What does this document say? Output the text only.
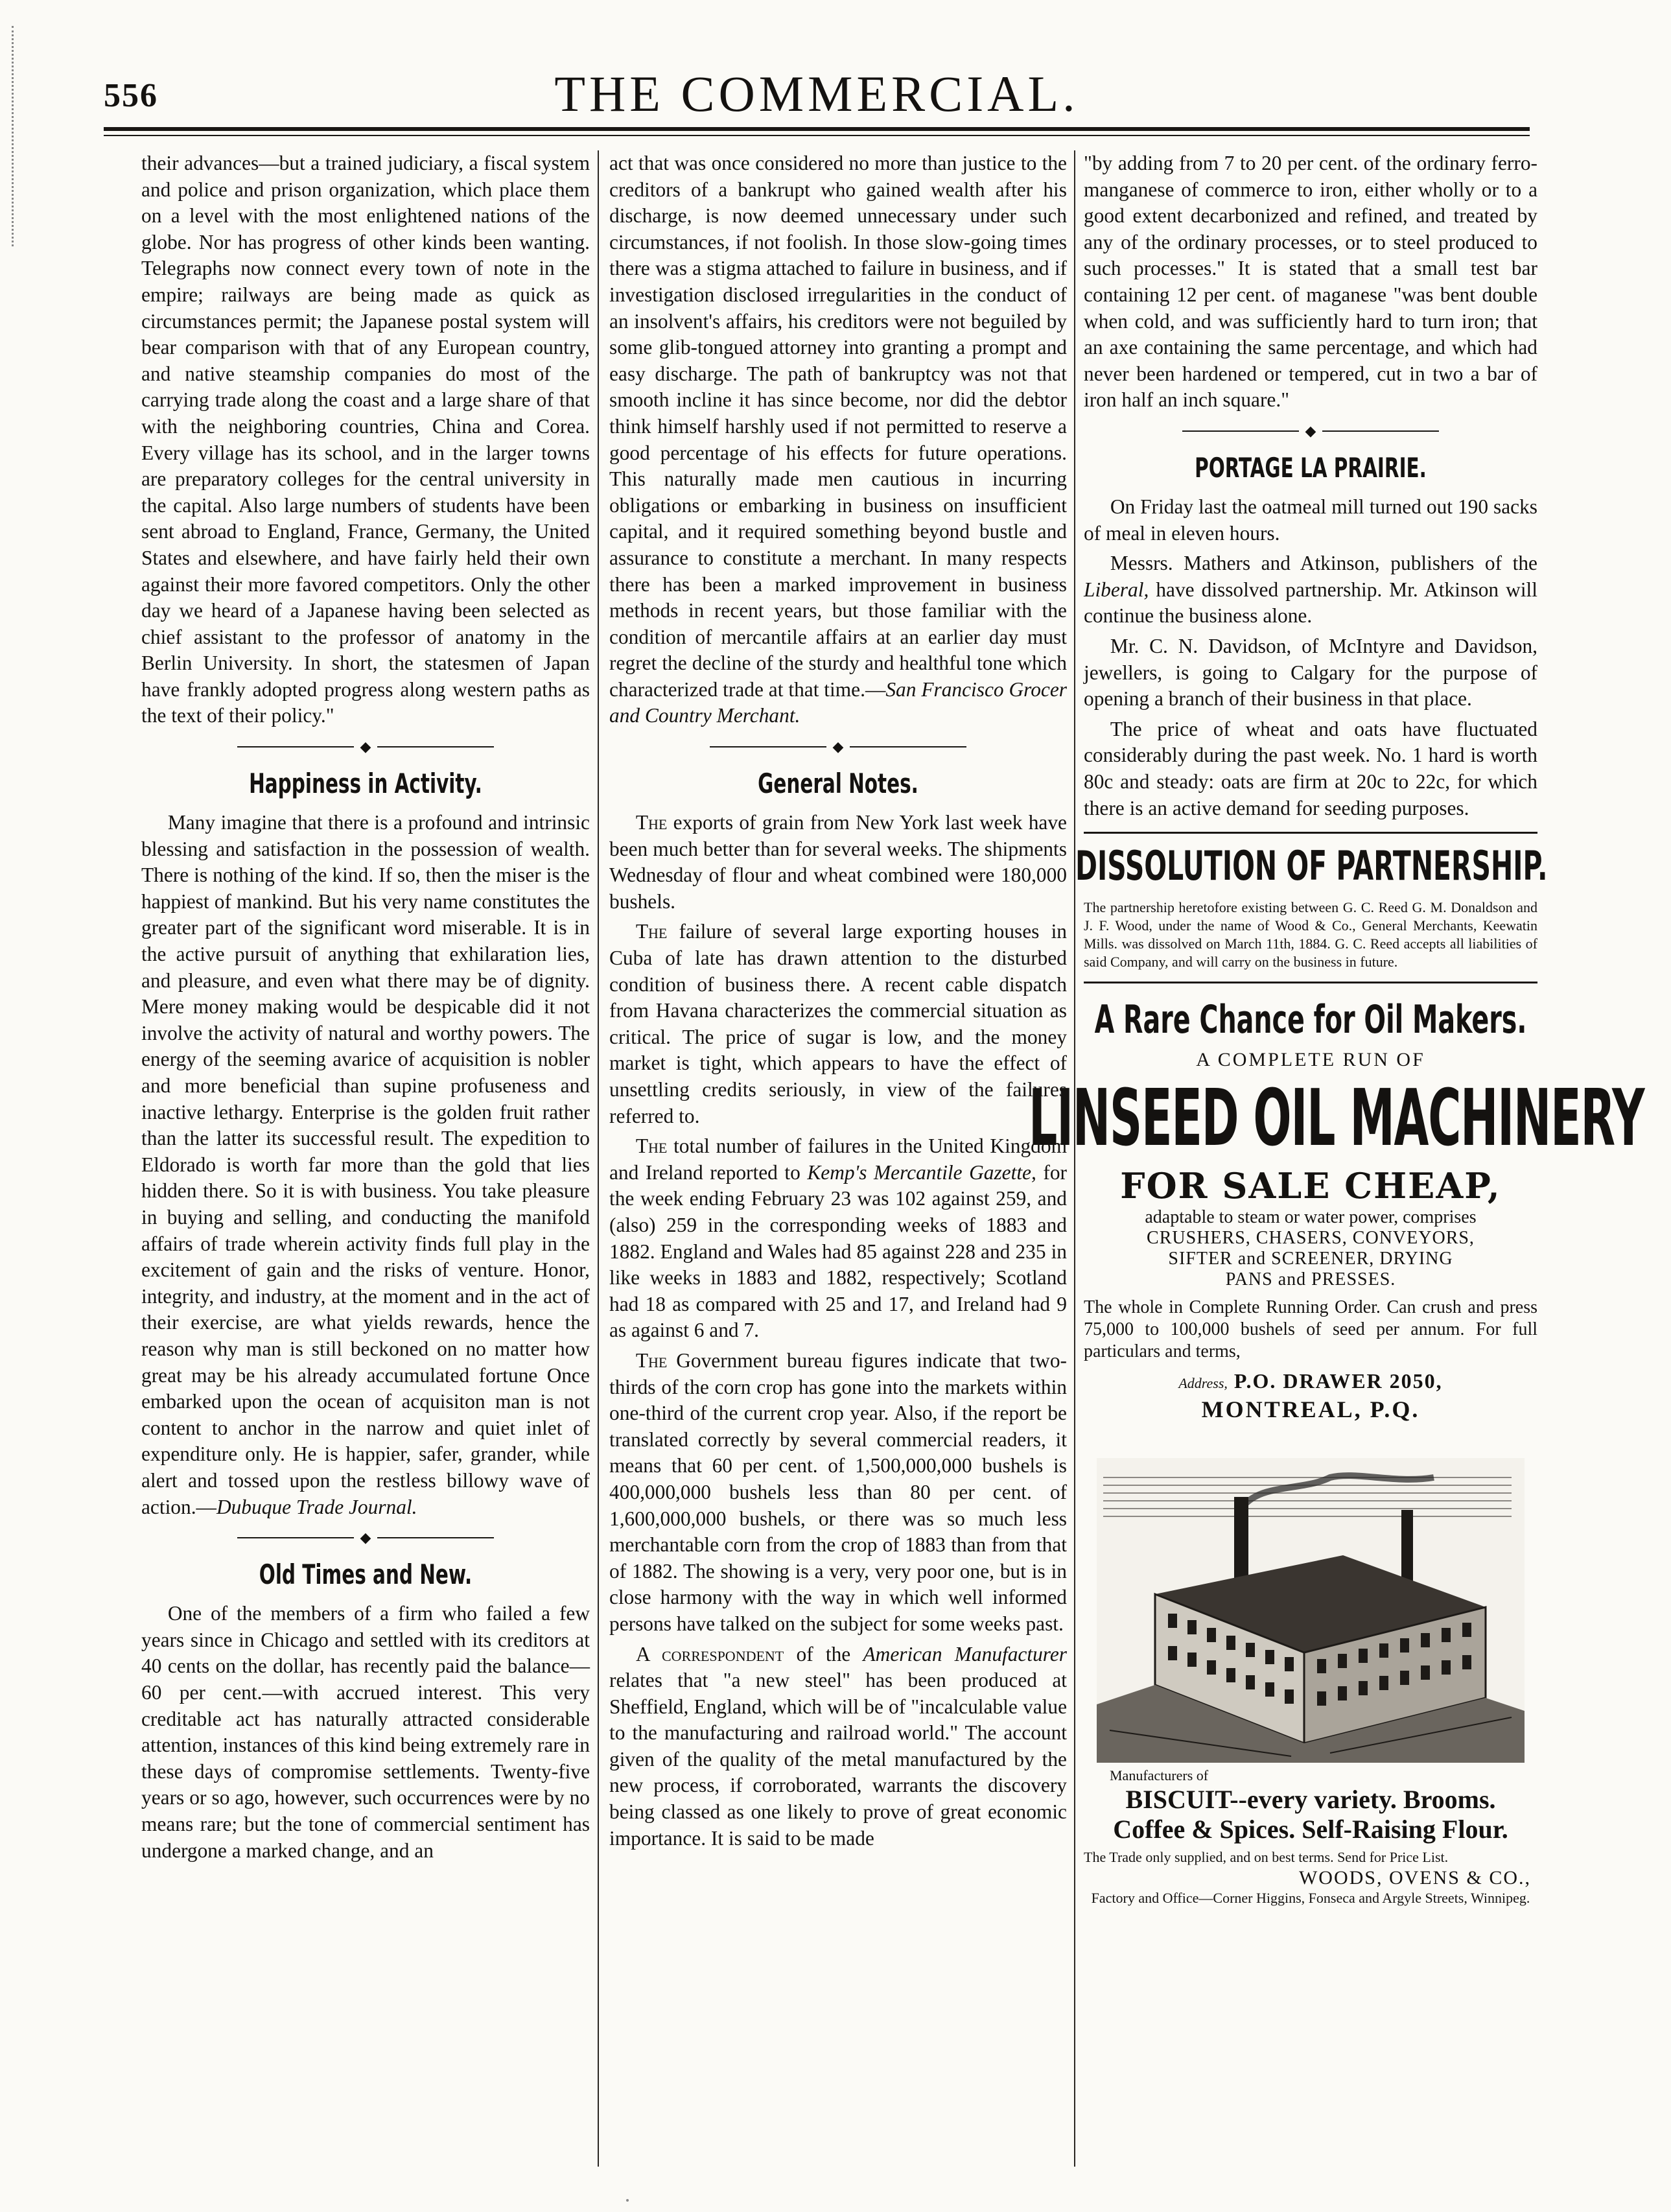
556	THE COMMERCIAL.

their advances—but a trained judiciary, a fiscal system and police and prison organization, which place them on a level with the most enlightened nations of the globe. Nor has progress of other kinds been wanting. Telegraphs now connect every town of note in the empire; railways are being made as quick as circumstances permit; the Japanese postal system will bear comparison with that of any European country, and native steamship companies do most of the carrying trade along the coast and a large share of that with the neighboring countries, China and Corea. Every village has its school, and in the larger towns are preparatory colleges for the central university in the capital. Also large numbers of students have been sent abroad to England, France, Germany, the United States and elsewhere, and have fairly held their own against their more favored competitors. Only the other day we heard of a Japanese having been selected as chief assistant to the professor of anatomy in the Berlin University. In short, the statesmen of Japan have frankly adopted progress along western paths as the text of their policy."

◆
Happiness in Activity.

Many imagine that there is a profound and intrinsic blessing and satisfaction in the possession of wealth. There is nothing of the kind. If so, then the miser is the happiest of mankind. But his very name constitutes the greater part of the significant word miserable. It is in the active pursuit of anything that exhilaration lies, and pleasure, and even what there may be of dignity. Mere money making would be despicable did it not involve the activity of natural and worthy powers. The energy of the seeming avarice of acquisition is nobler and more beneficial than supine profuseness and inactive lethargy. Enterprise is the golden fruit rather than the latter its successful result. The expedition to Eldorado is worth far more than the gold that lies hidden there. So it is with business. You take pleasure in buying and selling, and conducting the manifold affairs of trade wherein activity finds full play in the excitement of gain and the risks of venture. Honor, integrity, and industry, at the moment and in the act of their exercise, are what yields rewards, hence the reason why man is still beckoned on no matter how great may be his already accumulated fortune Once embarked upon the ocean of acquisiton man is not content to anchor in the narrow and quiet inlet of expenditure only. He is happier, safer, grander, while alert and tossed upon the restless billowy wave of action.—Dubuque Trade Journal.

◆
Old Times and New.

One of the members of a firm who failed a few years since in Chicago and settled with its creditors at 40 cents on the dollar, has recently paid the balance—60 per cent.—with accrued interest. This very creditable act has naturally attracted considerable attention, instances of this kind being extremely rare in these days of compromise settlements. Twenty-five years or so ago, however, such occurrences were by no means rare; but the tone of commercial sentiment has undergone a marked change, and an

act that was once considered no more than justice to the creditors of a bankrupt who gained wealth after his discharge, is now deemed unnecessary under such circumstances, if not foolish. In those slow-going times there was a stigma attached to failure in business, and if investigation disclosed irregularities in the conduct of an insolvent's affairs, his creditors were not beguiled by some glib-tongued attorney into granting a prompt and easy discharge. The path of bankruptcy was not that smooth incline it has since become, nor did the debtor think himself harshly used if not permitted to reserve a good percentage of his effects for future operations. This naturally made men cautious in incurring obligations or embarking in business on insufficient capital, and it required something beyond bustle and assurance to constitute a merchant. In many respects there has been a marked improvement in business methods in recent years, but those familiar with the condition of mercantile affairs at an earlier day must regret the decline of the sturdy and healthful tone which characterized trade at that time.—San Francisco Grocer and Country Merchant.

◆
General Notes.

The exports of grain from New York last week have been much better than for several weeks. The shipments Wednesday of flour and wheat combined were 180,000 bushels.

The failure of several large exporting houses in Cuba of late has drawn attention to the disturbed condition of business there. A recent cable dispatch from Havana characterizes the commercial situation as critical. The price of sugar is low, and the money market is tight, which appears to have the effect of unsettling credits seriously, in view of the failures referred to.

The total number of failures in the United Kingdom and Ireland reported to Kemp's Mercantile Gazette, for the week ending February 23 was 102 against 259, and (also) 259 in the corresponding weeks of 1883 and 1882. England and Wales had 85 against 228 and 235 in like weeks in 1883 and 1882, respectively; Scotland had 18 as compared with 25 and 17, and Ireland had 9 as against 6 and 7.

The Government bureau figures indicate that two-thirds of the corn crop has gone into the markets within one-third of the current crop year. Also, if the report be translated correctly by several commercial readers, it means that 60 per cent. of 1,500,000,000 bushels is 400,000,000 bushels less than 80 per cent. of 1,600,000,000 bushels, or there was so much less merchantable corn from the crop of 1883 than from that of 1882. The showing is a very, very poor one, but is in close harmony with the way in which well informed persons have talked on the subject for some weeks past.

A correspondent of the American Manufacturer relates that "a new steel" has been produced at Sheffield, England, which will be of "incalculable value to the manufacturing and railroad world." The account given of the quality of the metal manufactured by the new process, if corroborated, warrants the discovery being classed as one likely to prove of great economic importance. It is said to be made

"by adding from 7 to 20 per cent. of the ordinary ferro-manganese of commerce to iron, either wholly or to a good extent decarbonized and refined, and treated by any of the ordinary processes, or to steel produced to such processes." It is stated that a small test bar containing 12 per cent. of maganese "was bent double when cold, and was sufficiently hard to turn iron; that an axe containing the same percentage, and which had never been hardened or tempered, cut in two a bar of iron half an inch square."

◆
PORTAGE LA PRAIRIE.

On Friday last the oatmeal mill turned out 190 sacks of meal in eleven hours.

Messrs. Mathers and Atkinson, publishers of the Liberal, have dissolved partnership. Mr. Atkinson will continue the business alone.

Mr. C. N. Davidson, of McIntyre and Davidson, jewellers, is going to Calgary for the purpose of opening a branch of their business in that place.

The price of wheat and oats have fluctuated considerably during the past week. No. 1 hard is worth 80c and steady: oats are firm at 20c to 22c, for which there is an active demand for seeding purposes.

DISSOLUTION OF PARTNERSHIP.
The partnership heretofore existing between G. C. Reed G. M. Donaldson and J. F. Wood, under the name of Wood & Co., General Merchants, Keewatin Mills. was dissolved on March 11th, 1884. G. C. Reed accepts all liabilities of said Company, and will carry on the business in future.
A Rare Chance for Oil Makers.
A COMPLETE RUN OF
LINSEED OIL MACHINERY
FOR SALE CHEAP,
adaptable to steam or water power, comprises
CRUSHERS, CHASERS, CONVEYORS,
SIFTER and SCREENER, DRYING
PANS and PRESSES.
The whole in Complete Running Order. Can crush and press 75,000 to 100,000 bushels of seed per annum. For full particulars and terms,
Address, P.O. DRAWER 2050,
MONTREAL, P.Q.
Manufacturers of
BISCUIT--every variety. Brooms.
Coffee & Spices. Self-Raising Flour.
The Trade only supplied, and on best terms. Send for Price List.
WOODS, OVENS & CO.,
Factory and Office—Corner Higgins, Fonseca and Argyle Streets, Winnipeg.
